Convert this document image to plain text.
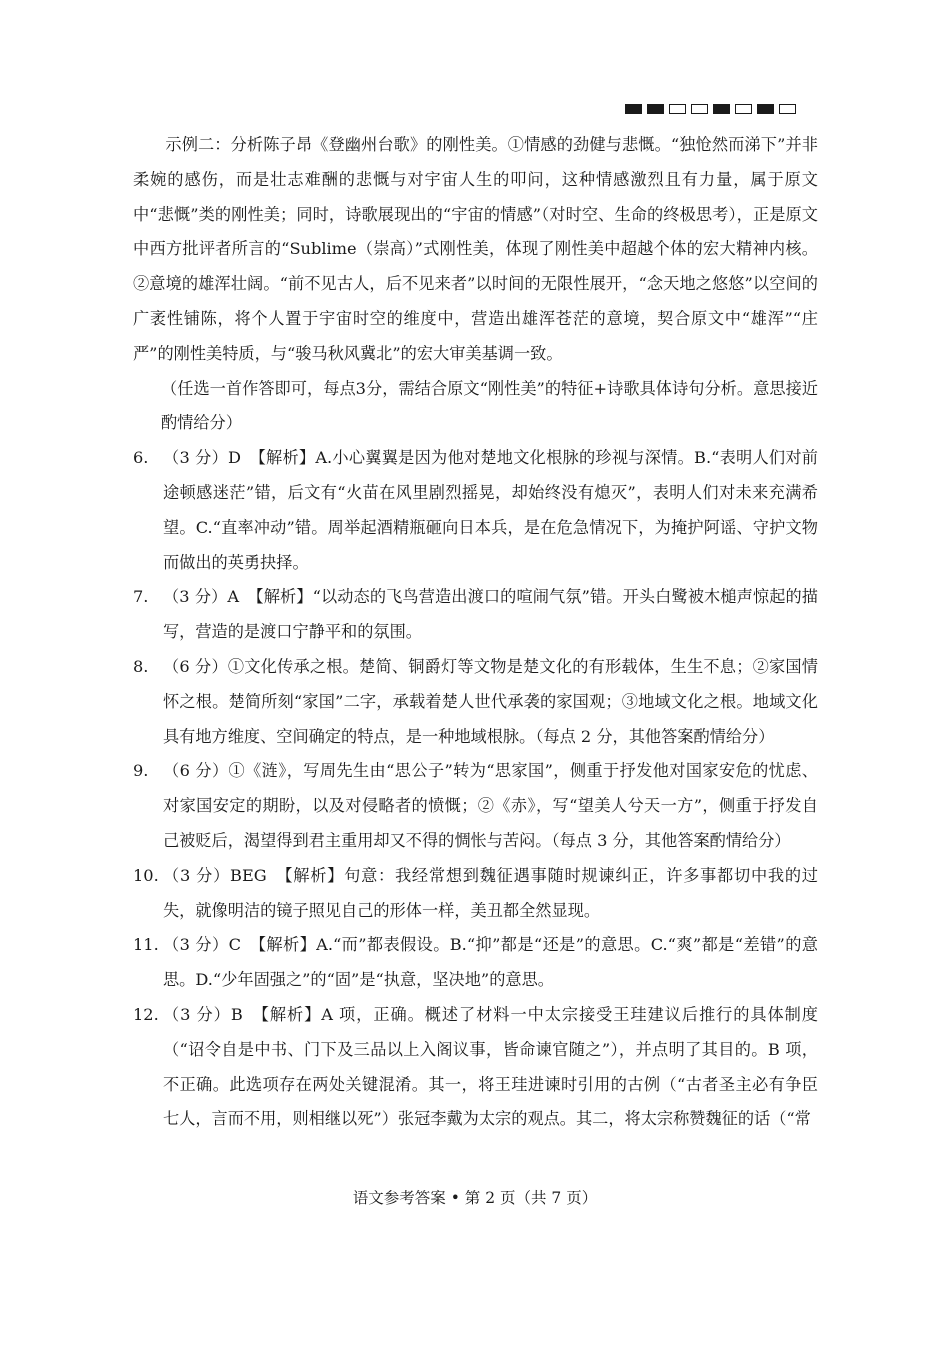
示例二：分析陈子昂《登幽州台歌》的刚性美。①情感的劲健与悲慨。“独怆然而涕下”并非柔婉的感伤，而是壮志难酬的悲慨与对宇宙人生的叩问，这种情感激烈且有力量，属于原文中“悲慨”类的刚性美；同时，诗歌展现出的“宇宙的情感”（对时空、生命的终极思考），正是原文中西方批评者所言的“Sublime（崇高）”式刚性美，体现了刚性美中超越个体的宏大精神内核。②意境的雄浑壮阔。“前不见古人，后不见来者”以时间的无限性展开，“念天地之悠悠”以空间的广袤性铺陈，将个人置于宇宙时空的维度中，营造出雄浑苍茫的意境，契合原文中“雄浑”“庄严”的刚性美特质，与“骏马秋风冀北”的宏大审美基调一致。

（任选一首作答即可，每点3分，需结合原文“刚性美”的特征+诗歌具体诗句分析。意思接近酌情给分）

6. （3 分）D　【解析】A.小心翼翼是因为他对楚地文化根脉的珍视与深情。B.“表明人们对前途顿感迷茫”错，后文有“火苗在风里剧烈摇晃，却始终没有熄灭”，表明人们对未来充满希望。C.“直率冲动”错。周举起酒精瓶砸向日本兵，是在危急情况下，为掩护阿谣、守护文物而做出的英勇抉择。
7. （3 分）A　【解析】“以动态的飞鸟营造出渡口的喧闹气氛”错。开头白鹭被木槌声惊起的描写，营造的是渡口宁静平和的氛围。
8. （6 分）①文化传承之根。楚简、铜爵灯等文物是楚文化的有形载体，生生不息；②家国情怀之根。楚简所刻“家国”二字，承载着楚人世代承袭的家国观；③地域文化之根。地域文化具有地方维度、空间确定的特点，是一种地域根脉。（每点 2 分，其他答案酌情给分）
9. （6 分）①《涟》，写周先生由“思公子”转为“思家国”，侧重于抒发他对国家安危的忧虑、对家国安定的期盼，以及对侵略者的愤慨；②《赤》，写“望美人兮天一方”，侧重于抒发自己被贬后，渴望得到君主重用却又不得的惆怅与苦闷。（每点 3 分，其他答案酌情给分）
10. （3 分）BEG　【解析】句意：我经常想到魏征遇事随时规谏纠正，许多事都切中我的过失，就像明洁的镜子照见自己的形体一样，美丑都全然显现。
11. （3 分）C　【解析】A.“而”都表假设。B.“抑”都是“还是”的意思。C.“爽”都是“差错”的意思。D.“少年固强之”的“固”是“执意，坚决地”的意思。
12. （3 分）B　【解析】A 项，正确。概述了材料一中太宗接受王珪建议后推行的具体制度（“诏令自是中书、门下及三品以上入阁议事，皆命谏官随之”），并点明了其目的。B 项，不正确。此选项存在两处关键混淆。其一，将王珪进谏时引用的古例（“古者圣主必有争臣七人，言而不用，则相继以死”）张冠李戴为太宗的观点。其二，将太宗称赞魏征的话（“常
语文参考答案 • 第 2 页（共 7 页）
